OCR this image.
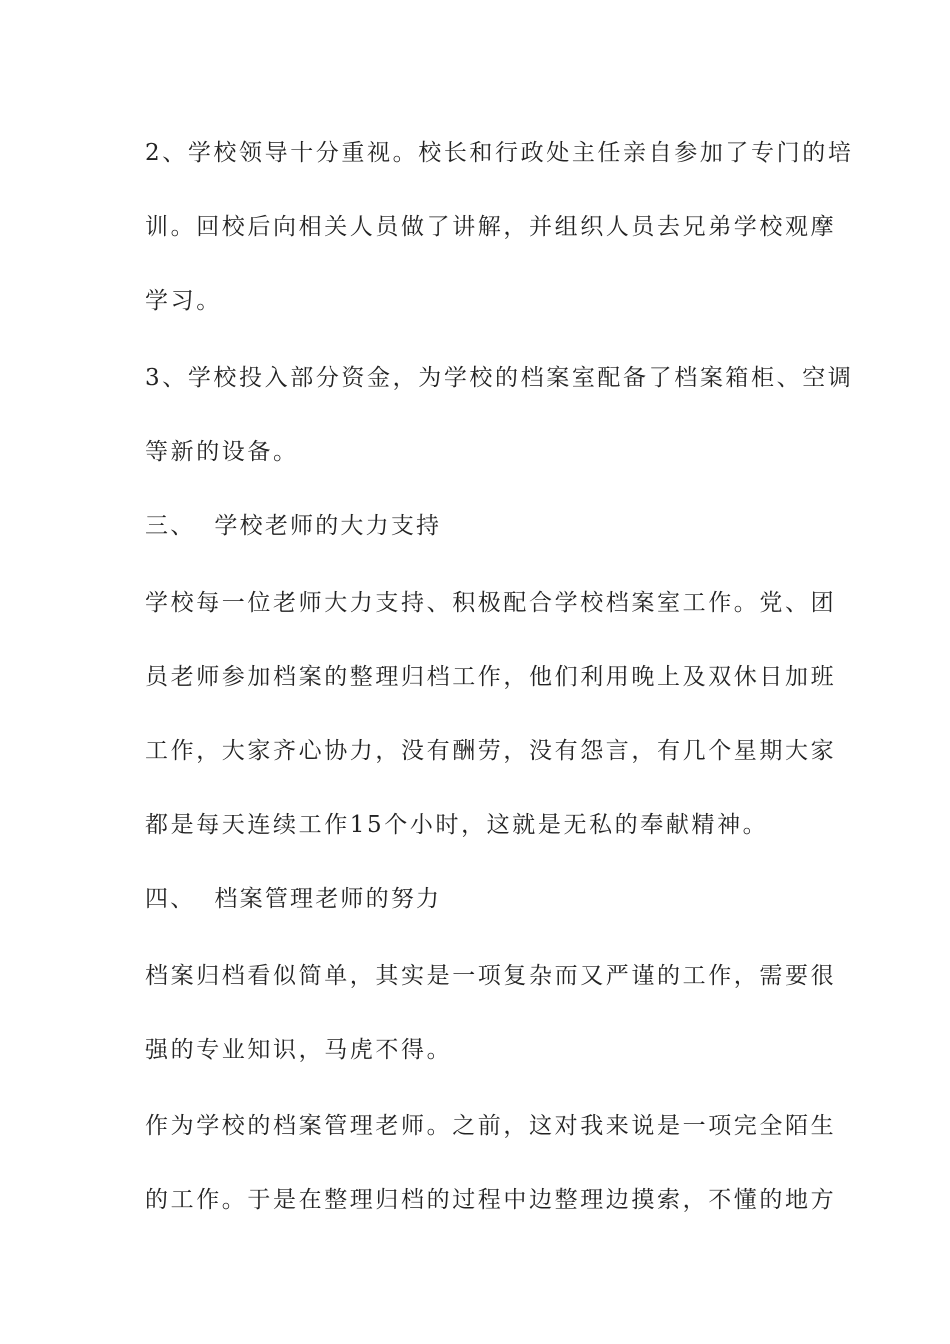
2、学校领导十分重视。校长和行政处主任亲自参加了专门的培
训。回校后向相关人员做了讲解，并组织人员去兄弟学校观摩
学习。
3、学校投入部分资金，为学校的档案室配备了档案箱柜、空调
等新的设备。
三、  学校老师的大力支持
学校每一位老师大力支持、积极配合学校档案室工作。党、团
员老师参加档案的整理归档工作，他们利用晚上及双休日加班
工作，大家齐心协力，没有酬劳，没有怨言，有几个星期大家
都是每天连续工作15个小时，这就是无私的奉献精神。
四、  档案管理老师的努力
档案归档看似简单，其实是一项复杂而又严谨的工作，需要很
强的专业知识，马虎不得。
作为学校的档案管理老师。之前，这对我来说是一项完全陌生
的工作。于是在整理归档的过程中边整理边摸索，不懂的地方
